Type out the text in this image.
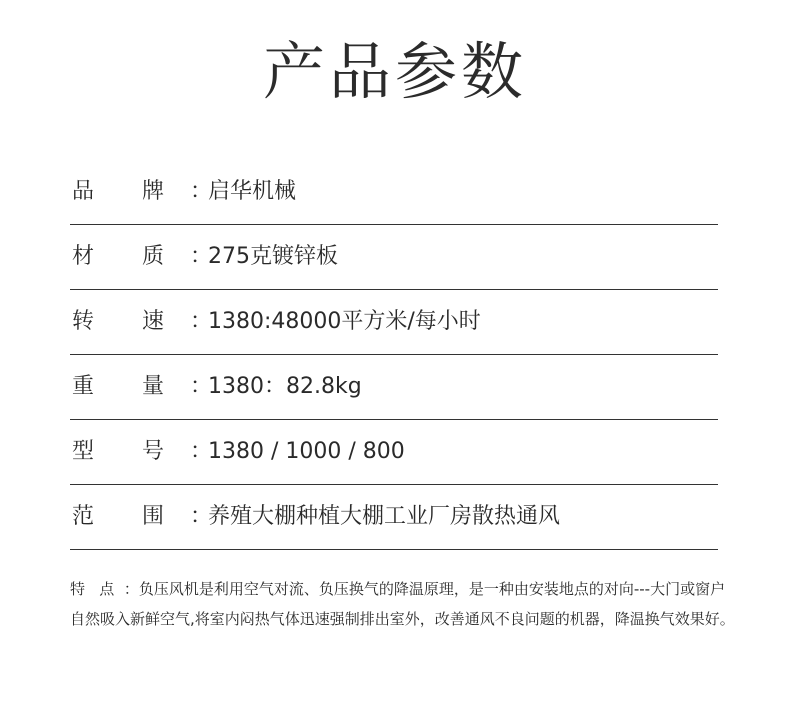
产品参数
品 牌 ：
启华机械
材 质 ：
275克镀锌板
转 速 ：
1380:48000平方米/每小时
重 量 ：
1380：82.8kg
型 号 ：
1380 / 1000 / 800
范 围 ：
养殖大棚种植大棚工业厂房散热通风
特   点  ：负压风机是利用空气对流、负压换气的降温原理，是一种由安装地点的对向---大门或窗户自然吸入新鲜空气,将室内闷热气体迅速强制排出室外，改善通风不良问题的机器，降温换气效果好。
